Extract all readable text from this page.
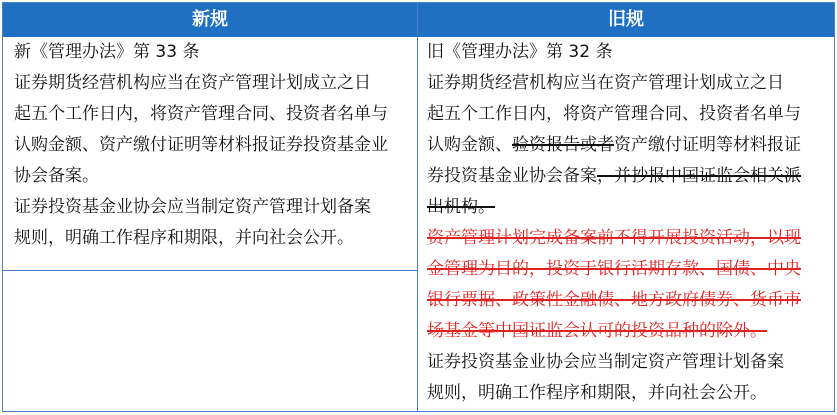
新规	旧规

新《管理办法》第 33 条

证券期货经营机构应当在资产管理计划成立之日

起五个工作日内，将资产管理合同、投资者名单与

认购金额、资产缴付证明等材料报证券投资基金业

协会备案。

证券投资基金业协会应当制定资产管理计划备案

规则，明确工作程序和期限，并向社会公开。

旧《管理办法》第 32 条

证券期货经营机构应当在资产管理计划成立之日

起五个工作日内，将资产管理合同、投资者名单与

认购金额、验资报告或者资产缴付证明等材料报证

券投资基金业协会备案，并抄报中国证监会相关派

出机构。

资产管理计划完成备案前不得开展投资活动，以现

金管理为目的，投资于银行活期存款、国债、中央

银行票据、政策性金融债、地方政府债券、货币市

场基金等中国证监会认可的投资品种的除外。

证券投资基金业协会应当制定资产管理计划备案

规则，明确工作程序和期限，并向社会公开。
